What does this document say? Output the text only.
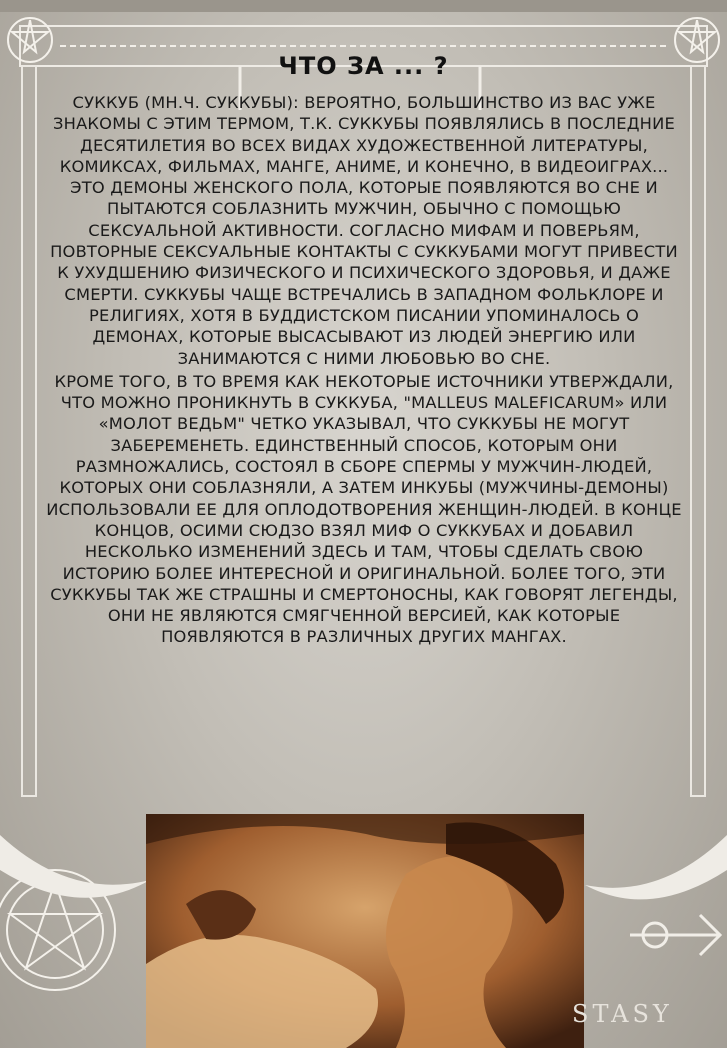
ЧТО ЗА ... ?

СУККУБ (МН.Ч. СУККУБЫ): ВЕРОЯТНО, БОЛЬШИНСТВО ИЗ ВАС УЖЕ ЗНАКОМЫ С ЭТИМ ТЕРМОМ, Т.К. СУККУБЫ ПОЯВЛЯЛИСЬ В ПОСЛЕДНИЕ ДЕСЯТИЛЕТИЯ ВО ВСЕХ ВИДАХ ХУДОЖЕСТВЕННОЙ ЛИТЕРАТУРЫ, КОМИКСАХ, ФИЛЬМАХ, МАНГЕ, АНИМЕ, И КОНЕЧНО, В ВИДЕОИГРАХ... ЭТО ДЕМОНЫ ЖЕНСКОГО ПОЛА, КОТОРЫЕ ПОЯВЛЯЮТСЯ ВО СНЕ И ПЫТАЮТСЯ СОБЛАЗНИТЬ МУЖЧИН, ОБЫЧНО С ПОМОЩЬЮ СЕКСУАЛЬНОЙ АКТИВНОСТИ. СОГЛАСНО МИФАМ И ПОВЕРЬЯМ, ПОВТОРНЫЕ СЕКСУАЛЬНЫЕ КОНТАКТЫ С СУККУБАМИ МОГУТ ПРИВЕСТИ К УХУДШЕНИЮ ФИЗИЧЕСКОГО И ПСИХИЧЕСКОГО ЗДОРОВЬЯ, И ДАЖЕ СМЕРТИ. СУККУБЫ ЧАЩЕ ВСТРЕЧАЛИСЬ В ЗАПАДНОМ ФОЛЬКЛОРЕ И РЕЛИГИЯХ, ХОТЯ В БУДДИСТСКОМ ПИСАНИИ УПОМИНАЛОСЬ О ДЕМОНАХ, КОТОРЫЕ ВЫСАСЫВАЮТ ИЗ ЛЮДЕЙ ЭНЕРГИЮ ИЛИ ЗАНИМАЮТСЯ С НИМИ ЛЮБОВЬЮ ВО СНЕ.

КРОМЕ ТОГО, В ТО ВРЕМЯ КАК НЕКОТОРЫЕ ИСТОЧНИКИ УТВЕРЖДАЛИ, ЧТО МОЖНО ПРОНИКНУТЬ В СУККУБА, "MALLEUS MALEFICARUM» ИЛИ «МОЛОТ ВЕДЬМ" ЧЕТКО УКАЗЫВАЛ, ЧТО СУККУБЫ НЕ МОГУТ ЗАБЕРЕМЕНЕТЬ. ЕДИНСТВЕННЫЙ СПОСОБ, КОТОРЫМ ОНИ РАЗМНОЖАЛИСЬ, СОСТОЯЛ В СБОРЕ СПЕРМЫ У МУЖЧИН-ЛЮДЕЙ, КОТОРЫХ ОНИ СОБЛАЗНЯЛИ, А ЗАТЕМ ИНКУБЫ (МУЖЧИНЫ-ДЕМОНЫ) ИСПОЛЬЗОВАЛИ ЕЕ ДЛЯ ОПЛОДОТВОРЕНИЯ ЖЕНЩИН-ЛЮДЕЙ. В КОНЦЕ КОНЦОВ, ОСИМИ СЮДЗО ВЗЯЛ МИФ О СУККУБАХ И ДОБАВИЛ НЕСКОЛЬКО ИЗМЕНЕНИЙ ЗДЕСЬ И ТАМ, ЧТОБЫ СДЕЛАТЬ СВОЮ ИСТОРИЮ БОЛЕЕ ИНТЕРЕСНОЙ И ОРИГИНАЛЬНОЙ. БОЛЕЕ ТОГО, ЭТИ СУККУБЫ ТАК ЖЕ СТРАШНЫ И СМЕРТОНОСНЫ, КАК ГОВОРЯТ ЛЕГЕНДЫ, ОНИ НЕ ЯВЛЯЮТСЯ СМЯГЧЕННОЙ ВЕРСИЕЙ, КАК КОТОРЫЕ ПОЯВЛЯЮТСЯ В РАЗЛИЧНЫХ ДРУГИХ МАНГАХ.

STASY
